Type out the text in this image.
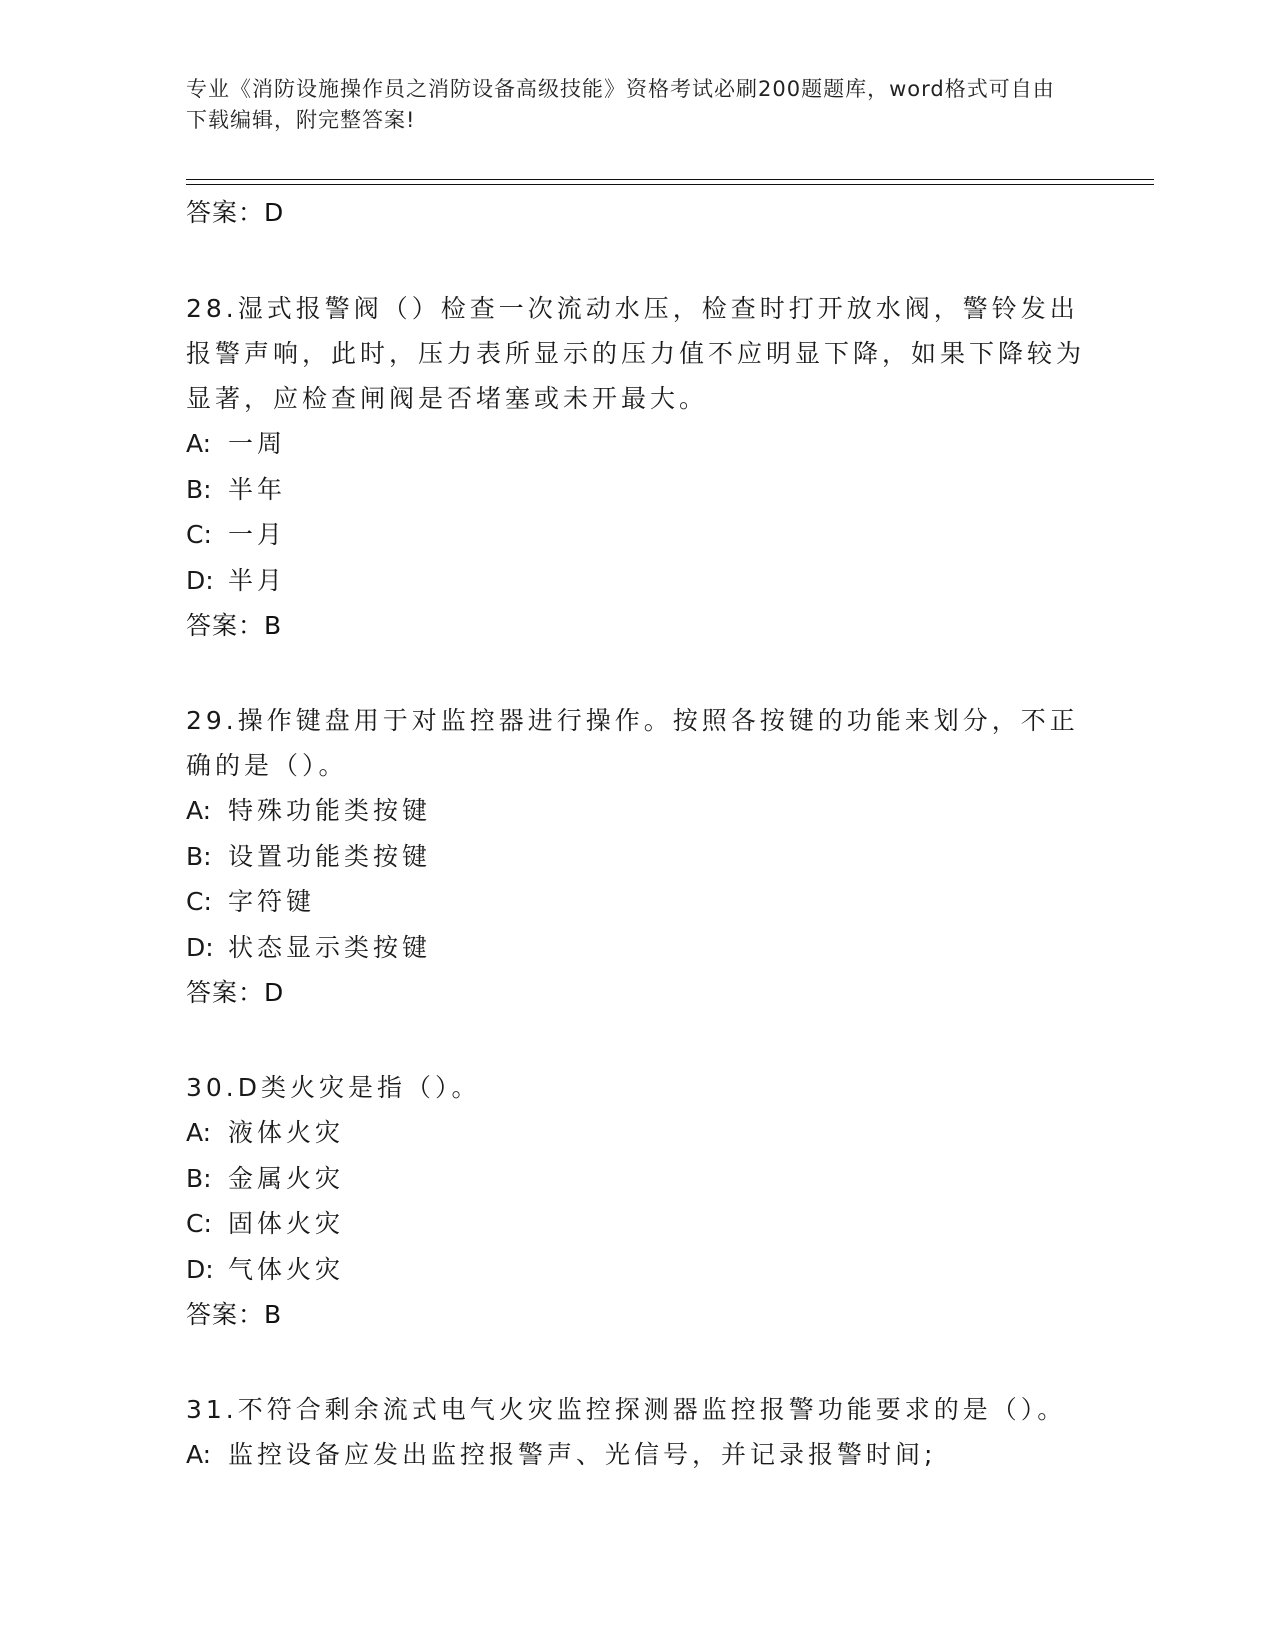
专业《消防设施操作员之消防设备高级技能》资格考试必刷200题题库，word格式可自由下载编辑，附完整答案!
答案：D
28.湿式报警阀（）检查一次流动水压，检查时打开放水阀，警铃发出报警声响，此时，压力表所显示的压力值不应明显下降，如果下降较为显著，应检查闸阀是否堵塞或未开最大。
A: 一周
B: 半年
C: 一月
D: 半月
答案：B
29.操作键盘用于对监控器进行操作。按照各按键的功能来划分，不正确的是（）。
A: 特殊功能类按键
B: 设置功能类按键
C: 字符键
D: 状态显示类按键
答案：D
30.D类火灾是指（）。
A: 液体火灾
B: 金属火灾
C: 固体火灾
D: 气体火灾
答案：B
31.不符合剩余流式电气火灾监控探测器监控报警功能要求的是（）。
A: 监控设备应发出监控报警声、光信号，并记录报警时间;
